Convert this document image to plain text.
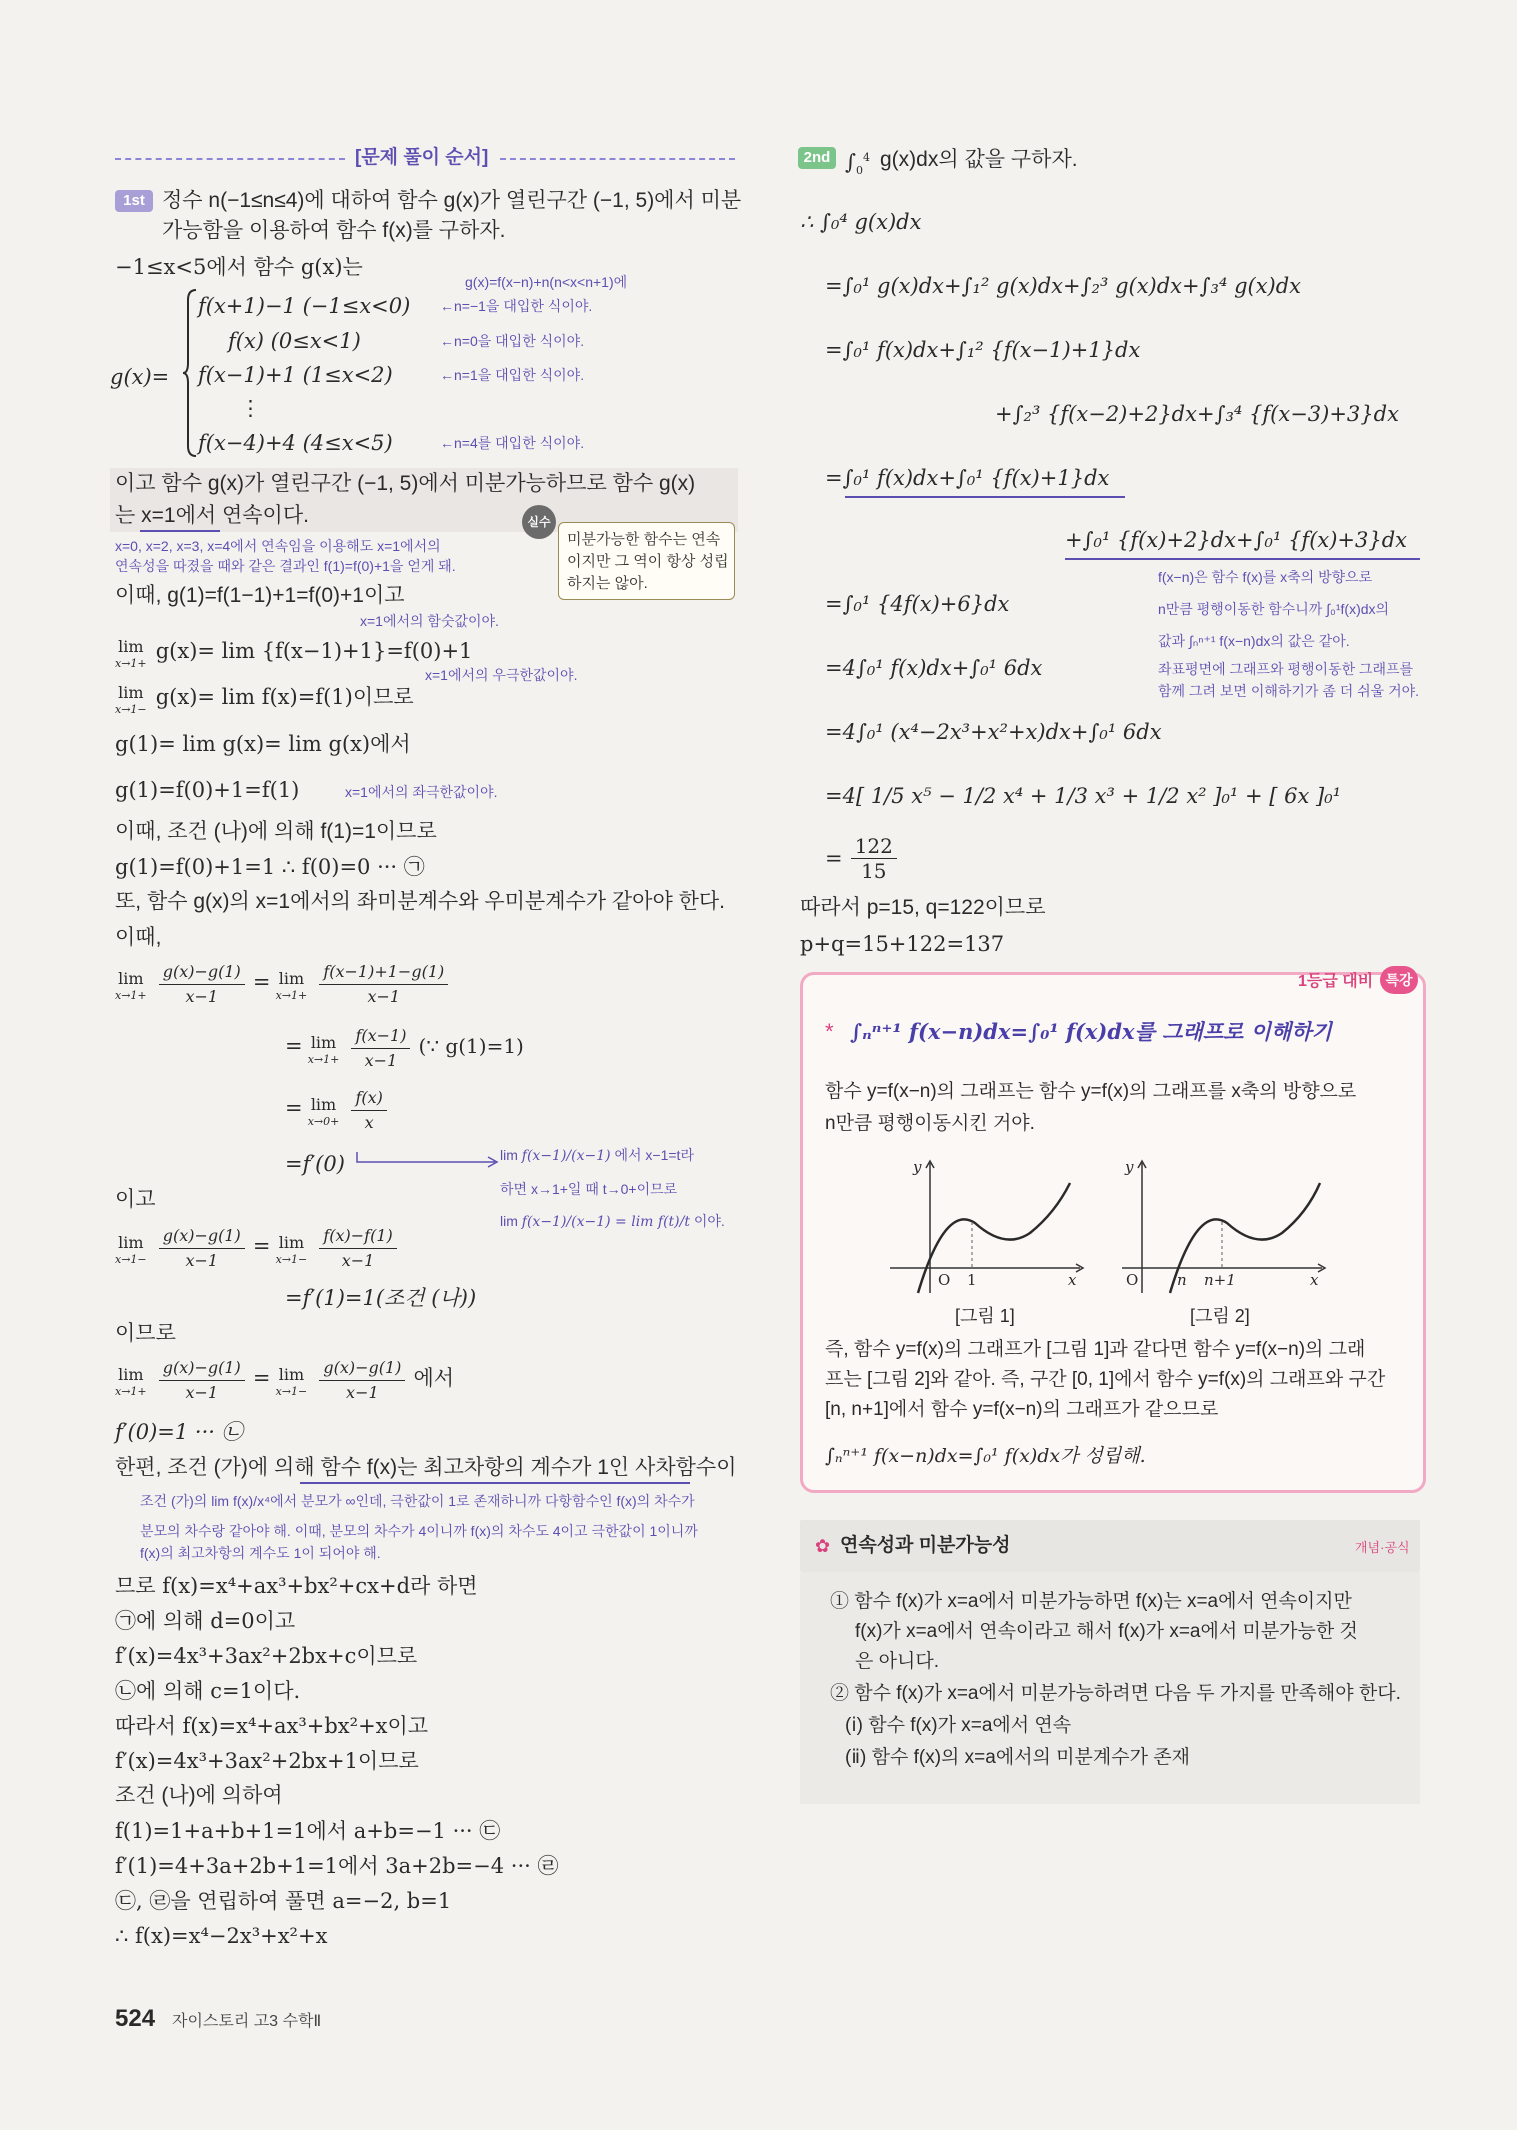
[문제 풀이 순서]
1st 정수 n(−1≤n≤4)에 대하여 함수 g(x)가 열린구간 (−1, 5)에서 미분
가능함을 이용하여 함수 f(x)를 구하자.
−1≤x<5에서 함수 g(x)는
g(x)=f(x−n)+n(n<x<n+1)에
g(x)=
f(x+1)−1 (−1≤x<0) ←n=−1을 대입한 식이야.
f(x) (0≤x<1)	←n=0을 대입한 식이야.
f(x−1)+1 (1≤x<2)	←n=1을 대입한 식이야.
⋮
f(x−4)+4 (4≤x<5)	←n=4를 대입한 식이야.
이고 함수 g(x)가 열린구간 (−1, 5)에서 미분가능하므로 함수 g(x)
는 x=1에서 연속이다.	실수
미분가능한 함수는 연속
이지만 그 역이 항상 성립
하지는 않아.
x=0, x=2, x=3, x=4에서 연속임을 이용해도 x=1에서의
연속성을 따졌을 때와 같은 결과인 f(1)=f(0)+1을 얻게 돼.
이때, g(1)=f(1−1)+1=f(0)+1이고
x=1에서의 함숫값이야.
lim
x→1+
g(x)= lim {f(x−1)+1}=f(0)+1
x=1에서의 우극한값이야.
lim
x→1−
g(x)= lim f(x)=f(1)이므로
g(1)= lim g(x)= lim g(x)에서
g(1)=f(0)+1=f(1)	x=1에서의 좌극한값이야.
이때, 조건 (나)에 의해 f(1)=1이므로
g(1)=f(0)+1=1 ∴ f(0)=0 ··· ㉠
또, 함수 g(x)의 x=1에서의 좌미분계수와 우미분계수가 같아야 한다.
이때,
lim
x→1+
$\frac{g(x)-g(1)}{x-1} = \lim$
x→1+
$\frac{f(x-1)+1-g(1)}{x-1}$
= lim
x→1+
$\frac{f(x-1)}{x-1}$ (∵ g(1)=1)
= lim
x→0+
$\frac{f(x)}{x}$
=f′(0)	lim f(x−1)/(x−1) 에서 x−1=t라
하면 x→1+일 때 t→0+이므로
lim f(x−1)/(x−1) = lim f(t)/t 이야.
이고
lim
x→1−
$\frac{g(x)-g(1)}{x-1} = \lim$
x→1−
$\frac{f(x)-f(1)}{x-1}$
=f′(1)=1(조건 (나))
이므로
lim
x→1+
$\frac{g(x)-g(1)}{x-1} = \lim$
x→1−
$\frac{g(x)-g(1)}{x-1}$ 에서
f′(0)=1 ··· ㉡
한편, 조건 (가)에 의해 함수 f(x)는 최고차항의 계수가 1인 사차함수이
조건 (가)의 lim f(x)/x⁴에서 분모가 ∞인데, 극한값이 1로 존재하니까 다항함수인 f(x)의 차수가
분모의 차수랑 같아야 해. 이때, 분모의 차수가 4이니까 f(x)의 차수도 4이고 극한값이 1이니까
f(x)의 최고차항의 계수도 1이 되어야 해.
므로 f(x)=x⁴+ax³+bx²+cx+d라 하면
㉠에 의해 d=0이고
f′(x)=4x³+3ax²+2bx+c이므로
㉡에 의해 c=1이다.
따라서 f(x)=x⁴+ax³+bx²+x이고
f′(x)=4x³+3ax²+2bx+1이므로
조건 (나)에 의하여
f(1)=1+a+b+1=1에서 a+b=−1 ··· ㉢
f′(1)=4+3a+2b+1=1에서 3a+2b=−4 ··· ㉣
㉢, ㉣을 연립하여 풀면 a=−2, b=1
∴ f(x)=x⁴−2x³+x²+x
524 자이스토리 고3 수학Ⅱ
2nd $\int_0^4$ g(x)dx의 값을 구하자.
∴ ∫₀⁴ g(x)dx
=∫₀¹ g(x)dx+∫₁² g(x)dx+∫₂³ g(x)dx+∫₃⁴ g(x)dx
=∫₀¹ f(x)dx+∫₁² {f(x−1)+1}dx
+∫₂³ {f(x−2)+2}dx+∫₃⁴ {f(x−3)+3}dx
=∫₀¹ f(x)dx+∫₀¹ {f(x)+1}dx
+∫₀¹ {f(x)+2}dx+∫₀¹ {f(x)+3}dx
=∫₀¹ {4f(x)+6}dx
=4∫₀¹ f(x)dx+∫₀¹ 6dx
=4∫₀¹ (x⁴−2x³+x²+x)dx+∫₀¹ 6dx
=4[ 1/5 x⁵ − 1/2 x⁴ + 1/3 x³ + 1/2 x² ]₀¹ + [ 6x ]₀¹
= $\frac{122}{15}$
따라서 p=15, q=122이므로
p+q=15+122=137
f(x−n)은 함수 f(x)를 x축의 방향으로
n만큼 평행이동한 함수니까 ∫₀¹f(x)dx의
값과 ∫ₙⁿ⁺¹ f(x−n)dx의 값은 같아.
좌표평면에 그래프와 평행이동한 그래프를
함께 그려 보면 이해하기가 좀 더 쉬울 거야.
1등급 대비 특강
* ∫ₙⁿ⁺¹ f(x−n)dx=∫₀¹ f(x)dx를 그래프로 이해하기
함수 y=f(x−n)의 그래프는 함수 y=f(x)의 그래프를 x축의 방향으로
n만큼 평행이동시킨 거야.
O 1	x
y
[그림 1]
O	n n+1	x
y
[그림 2]
즉, 함수 y=f(x)의 그래프가 [그림 1]과 같다면 함수 y=f(x−n)의 그래
프는 [그림 2]와 같아. 즉, 구간 [0, 1]에서 함수 y=f(x)의 그래프와 구간
[n, n+1]에서 함수 y=f(x−n)의 그래프가 같으므로
∫ₙⁿ⁺¹ f(x−n)dx=∫₀¹ f(x)dx가 성립해.
✿ 연속성과 미분가능성	개념·공식
① 함수 f(x)가 x=a에서 미분가능하면 f(x)는 x=a에서 연속이지만
f(x)가 x=a에서 연속이라고 해서 f(x)가 x=a에서 미분가능한 것
은 아니다.
② 함수 f(x)가 x=a에서 미분가능하려면 다음 두 가지를 만족해야 한다.
(ⅰ) 함수 f(x)가 x=a에서 연속
(ⅱ) 함수 f(x)의 x=a에서의 미분계수가 존재
